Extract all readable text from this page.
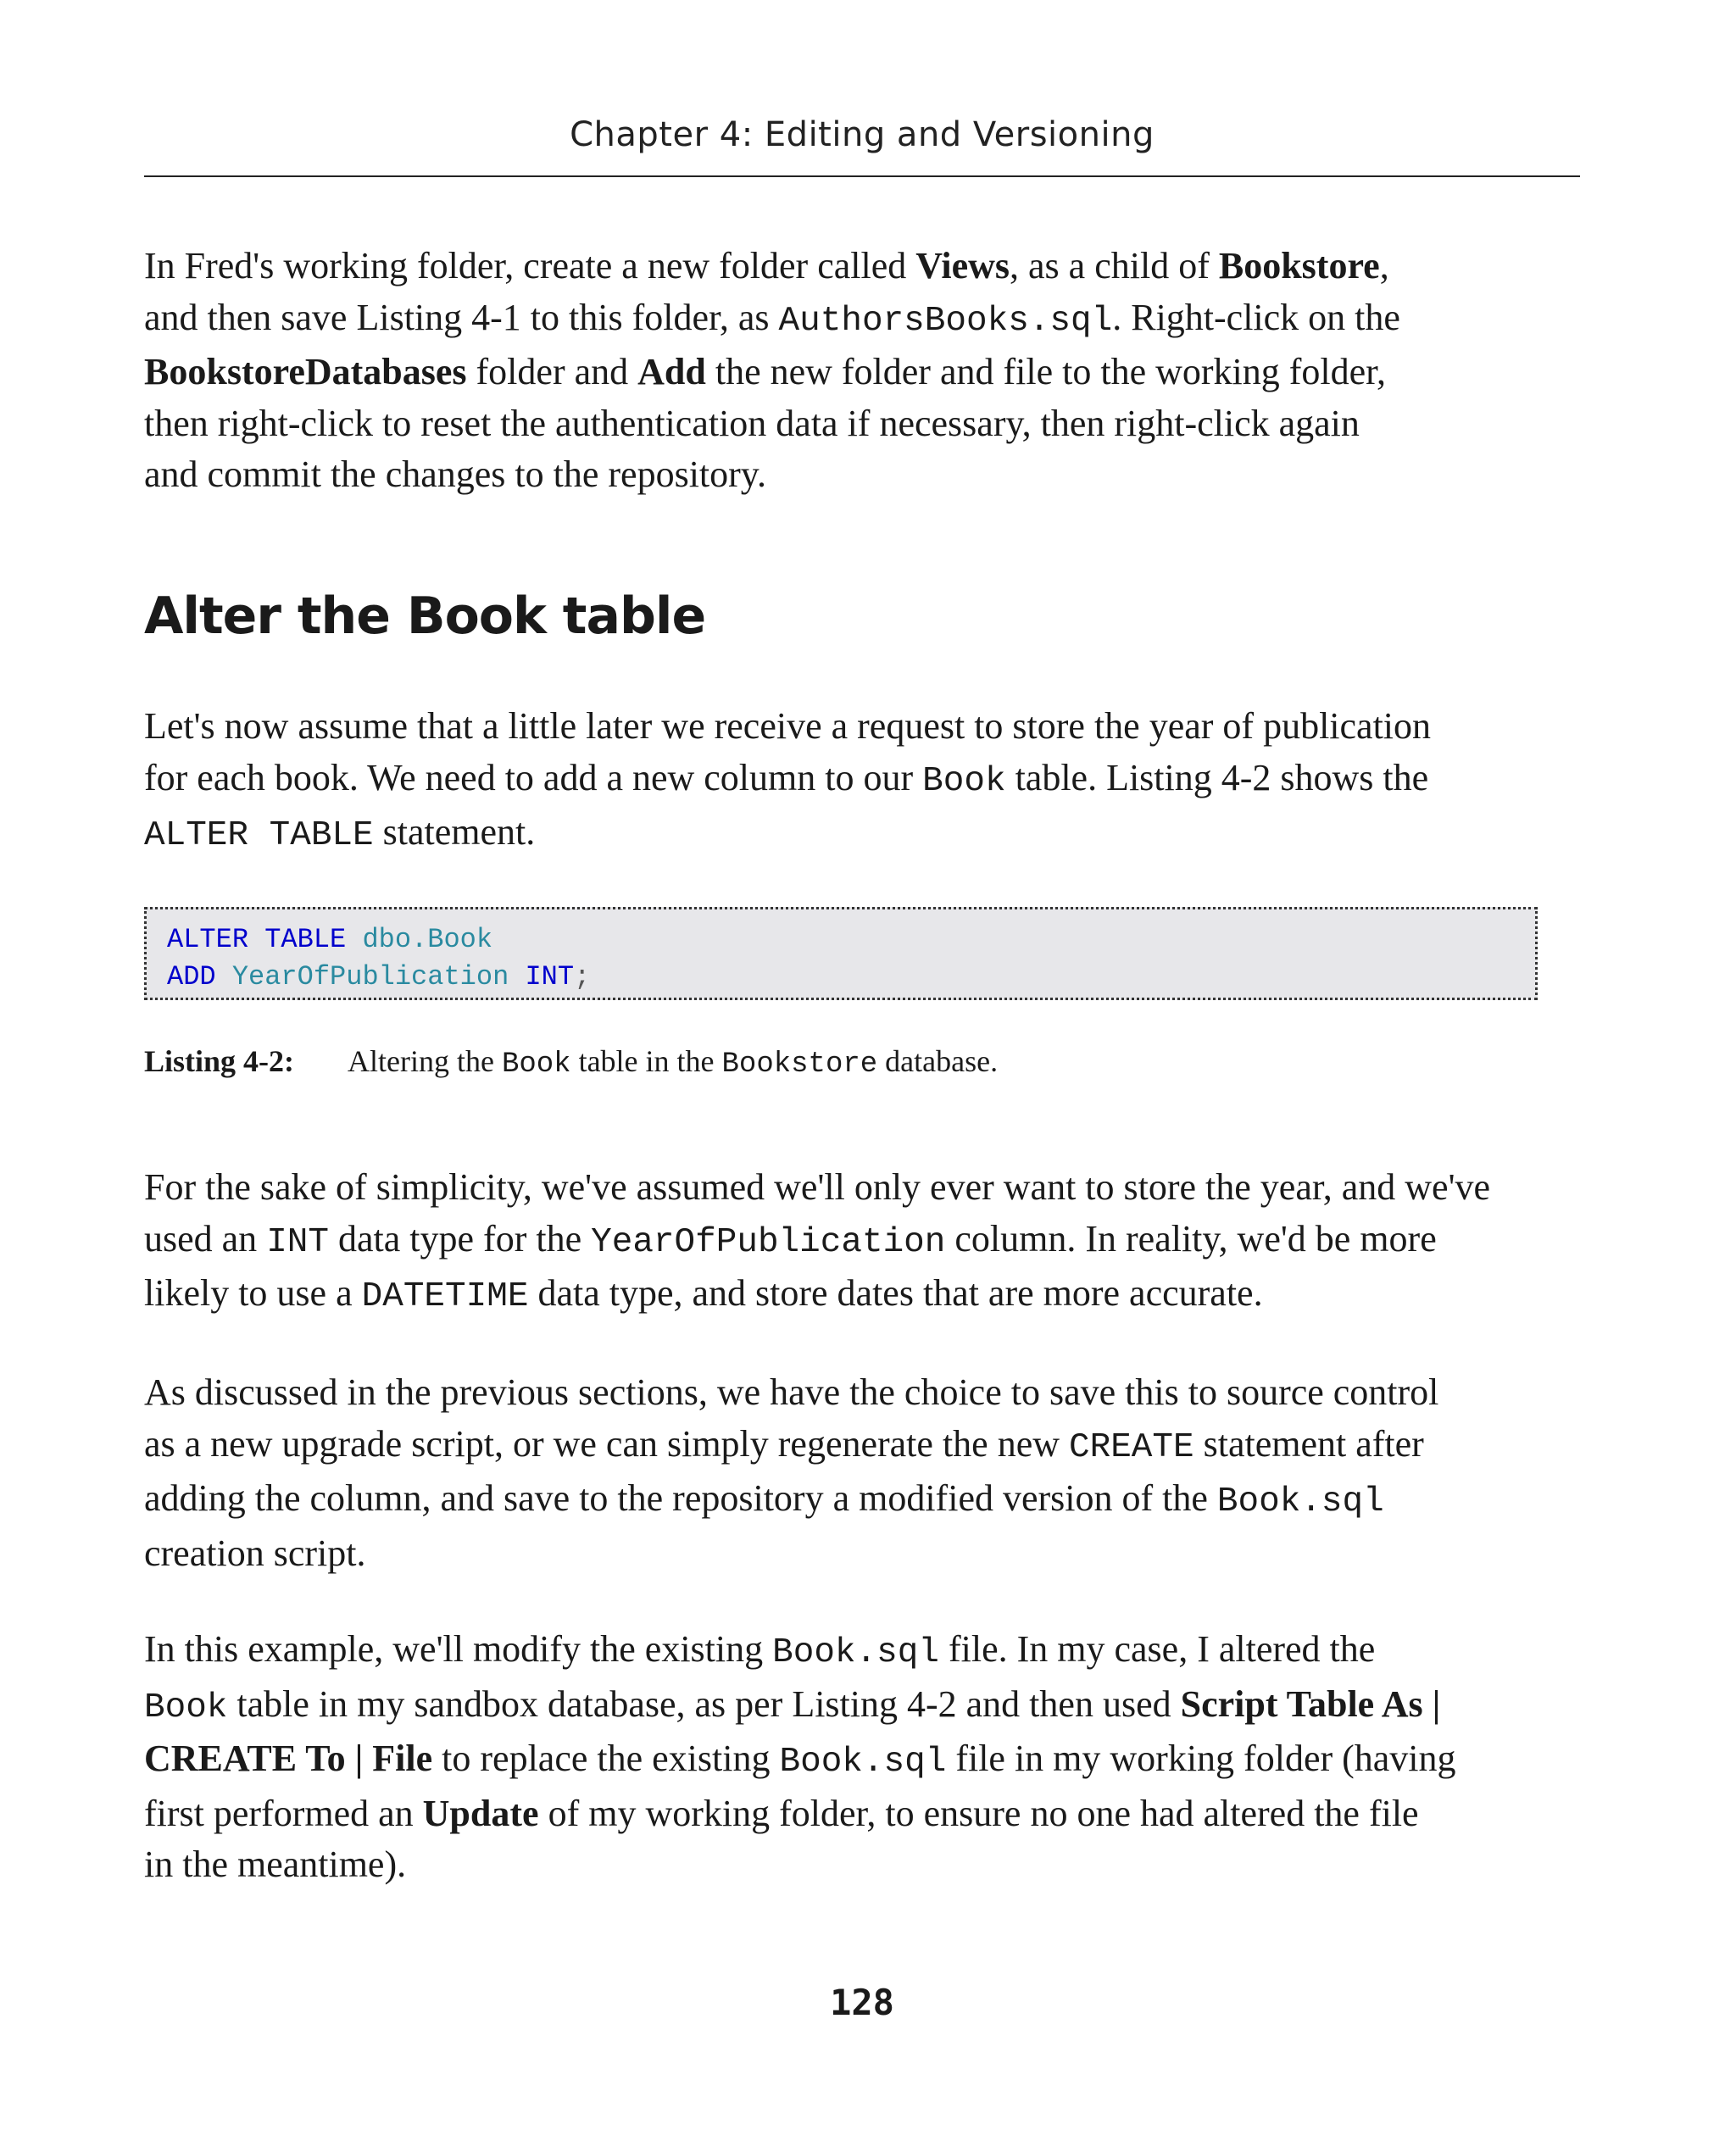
Chapter 4: Editing and Versioning

In Fred's working folder, create a new folder called Views, as a child of Bookstore,
and then save Listing 4-1 to this folder, as AuthorsBooks.sql. Right-click on the
BookstoreDatabases folder and Add the new folder and file to the working folder,
then right-click to reset the authentication data if necessary, then right-click again
and commit the changes to the repository.

Alter the Book table

Let's now assume that a little later we receive a request to store the year of publication
for each book. We need to add a new column to our Book table. Listing 4-2 shows the
ALTER TABLE statement.

ALTER TABLE dbo.Book
ADD YearOfPublication INT;
Listing 4-2: Altering the Book table in the Bookstore database.

For the sake of simplicity, we've assumed we'll only ever want to store the year, and we've
used an INT data type for the YearOfPublication column. In reality, we'd be more
likely to use a DATETIME data type, and store dates that are more accurate.

As discussed in the previous sections, we have the choice to save this to source control
as a new upgrade script, or we can simply regenerate the new CREATE statement after
adding the column, and save to the repository a modified version of the Book.sql
creation script.

In this example, we'll modify the existing Book.sql file. In my case, I altered the
Book table in my sandbox database, as per Listing 4-2 and then used Script Table As |
CREATE To | File to replace the existing Book.sql file in my working folder (having
first performed an Update of my working folder, to ensure no one had altered the file
in the meantime).

128
